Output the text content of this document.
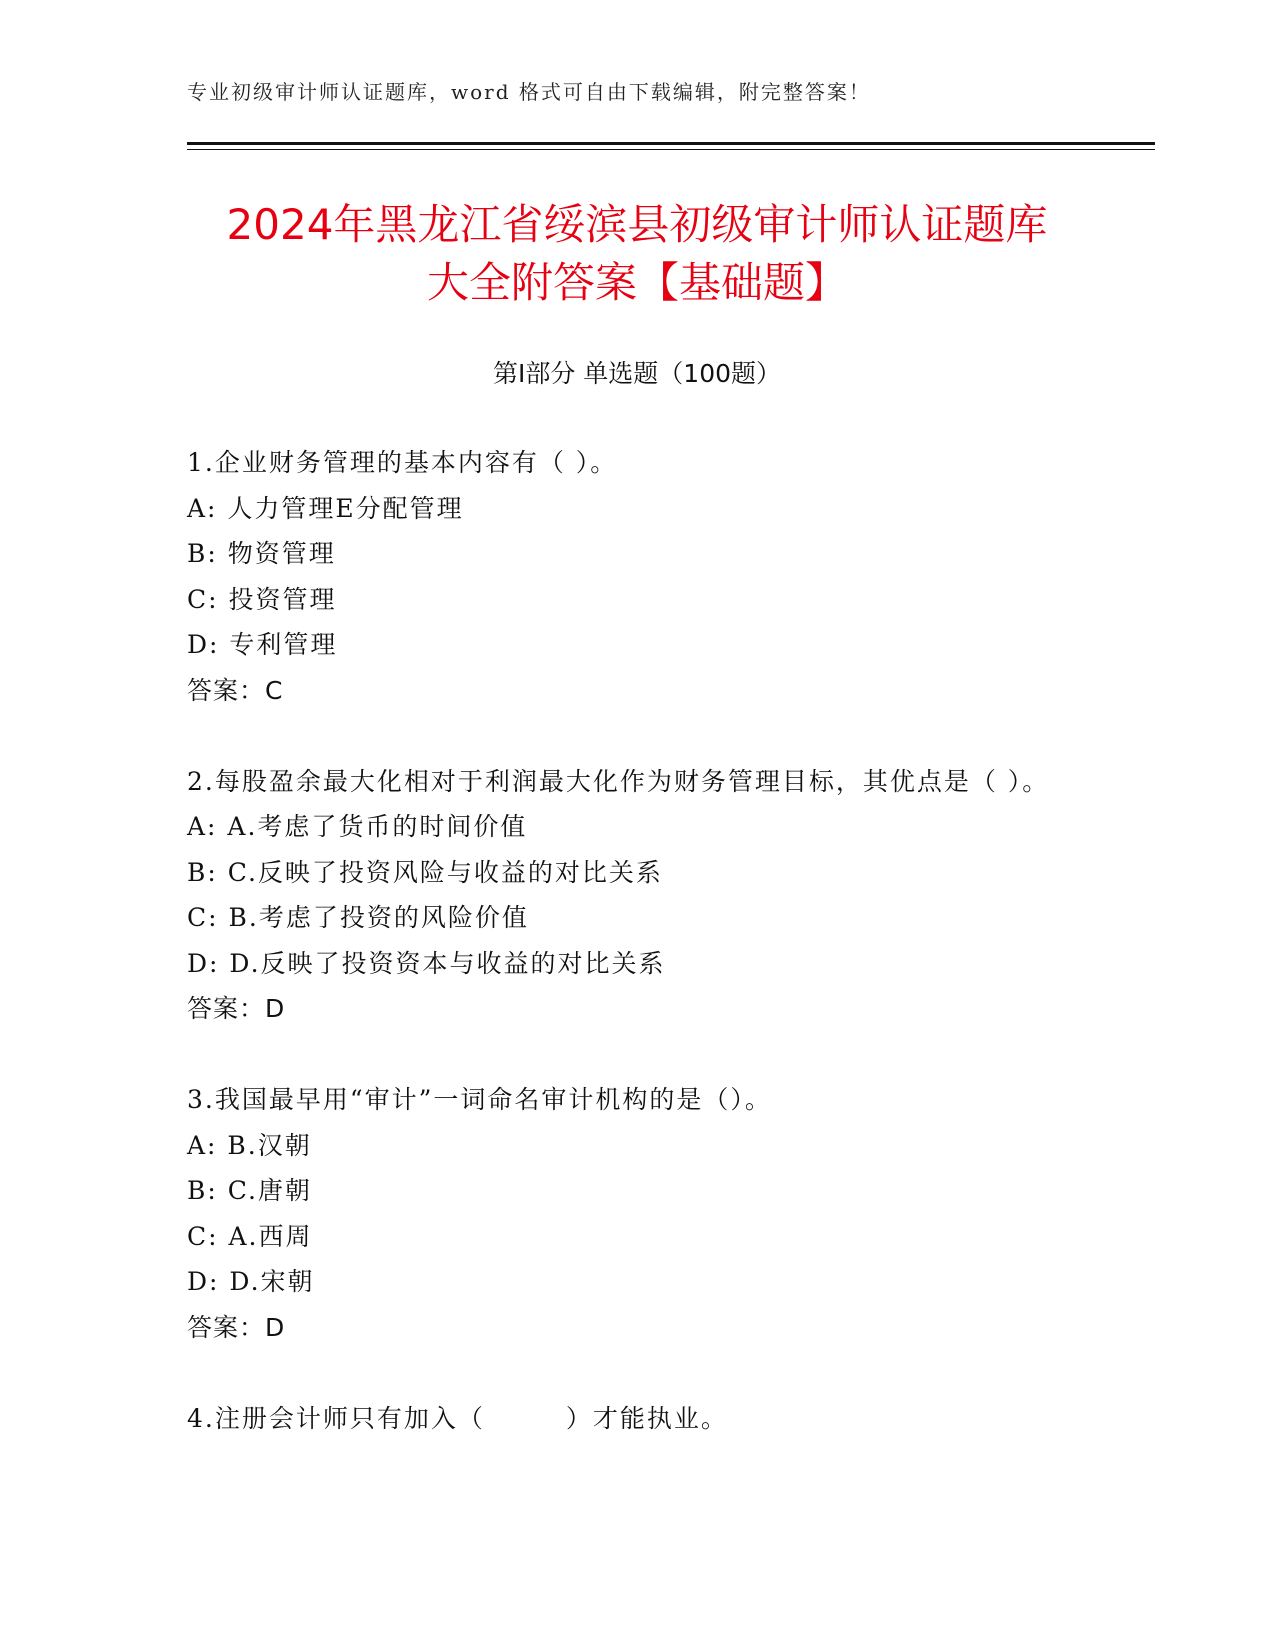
专业初级审计师认证题库，word 格式可自由下载编辑，附完整答案！
2024年黑龙江省绥滨县初级审计师认证题库
大全附答案【基础题】
第Ⅰ部分 单选题（100题）
1.企业财务管理的基本内容有（ ）。
A: 人力管理E分配管理
B: 物资管理
C: 投资管理
D: 专利管理
答案：C
2.每股盈余最大化相对于利润最大化作为财务管理目标，其优点是（ ）。
A: A.考虑了货币的时间价值
B: C.反映了投资风险与收益的对比关系
C: B.考虑了投资的风险价值
D: D.反映了投资资本与收益的对比关系
答案：D
3.我国最早用“审计”一词命名审计机构的是（）。
A: B.汉朝
B: C.唐朝
C: A.西周
D: D.宋朝
答案：D
4.注册会计师只有加入（　　　）才能执业。
